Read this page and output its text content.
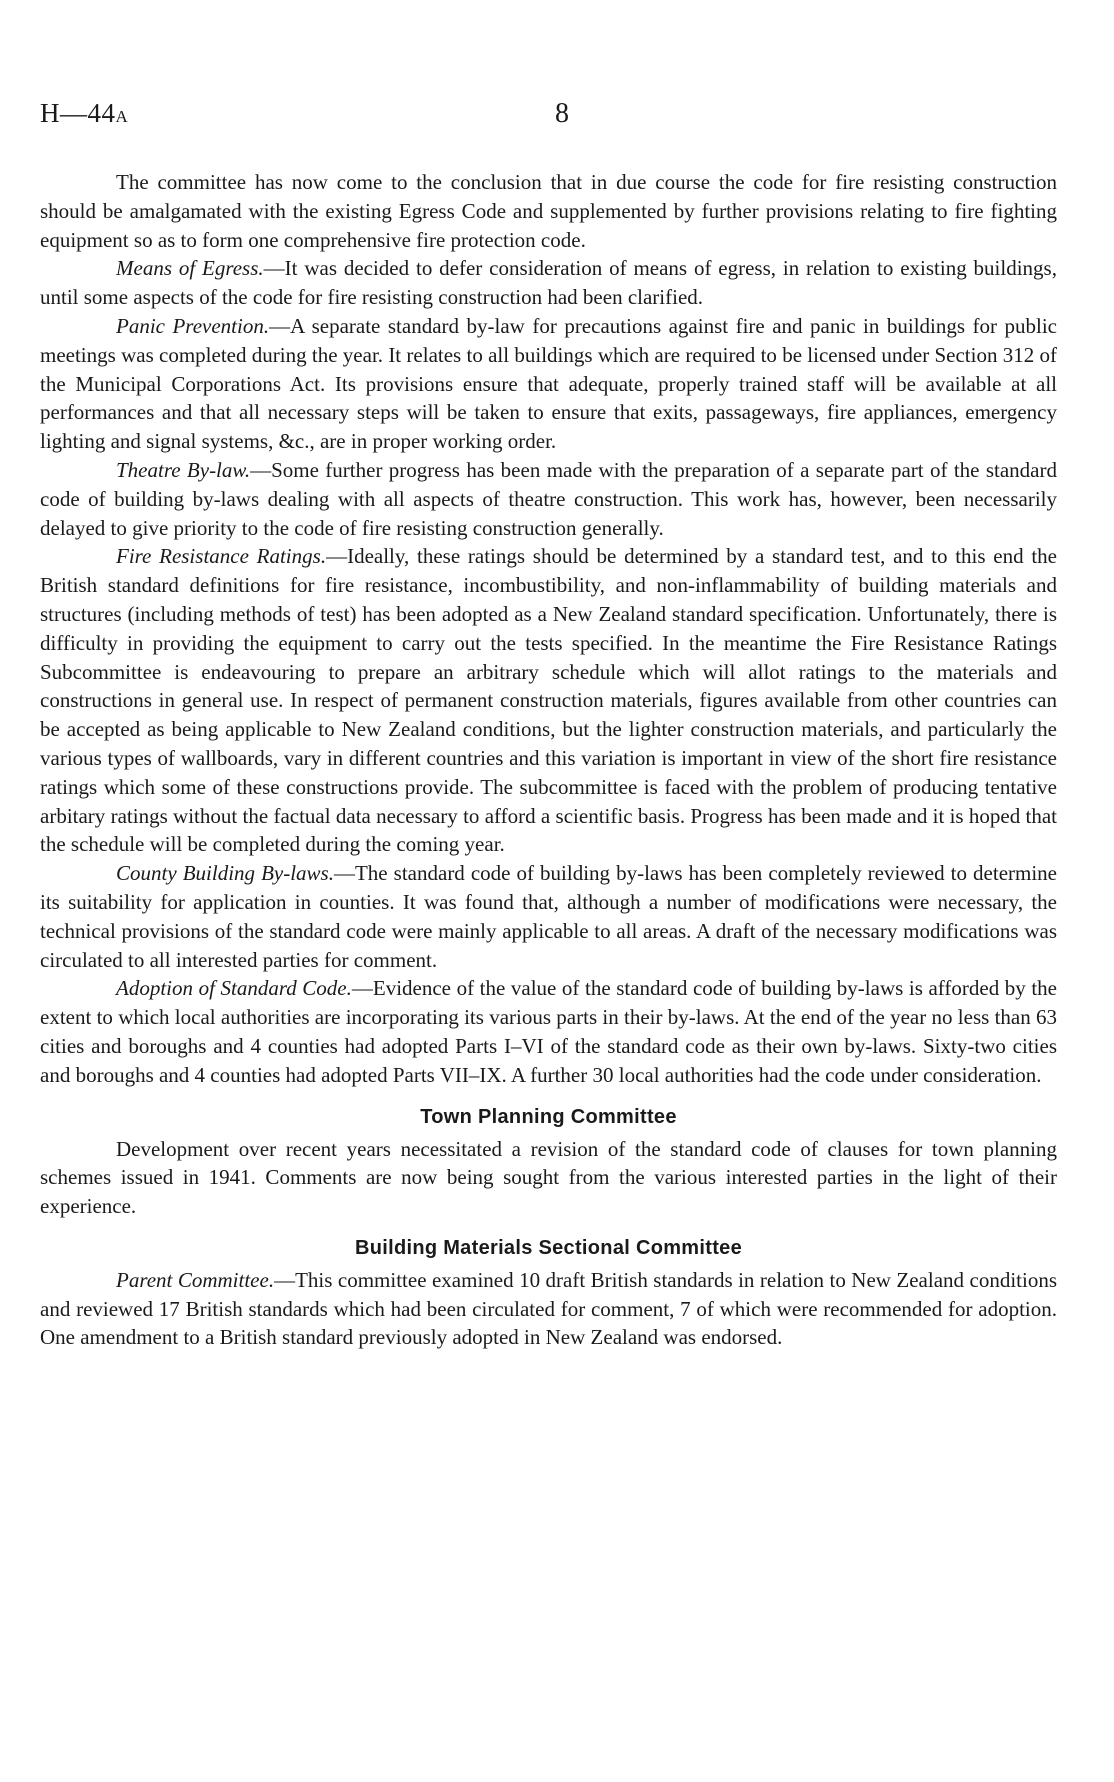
H—44A	8

The committee has now come to the conclusion that in due course the code for fire resisting construction should be amalgamated with the existing Egress Code and supplemented by further provisions relating to fire fighting equipment so as to form one comprehensive fire protection code.

Means of Egress.—It was decided to defer consideration of means of egress, in relation to existing buildings, until some aspects of the code for fire resisting construction had been clarified.

Panic Prevention.—A separate standard by-law for precautions against fire and panic in buildings for public meetings was completed during the year. It relates to all buildings which are required to be licensed under Section 312 of the Municipal Corporations Act. Its provisions ensure that adequate, properly trained staff will be available at all performances and that all necessary steps will be taken to ensure that exits, passageways, fire appliances, emergency lighting and signal systems, &c., are in proper working order.

Theatre By-law.—Some further progress has been made with the preparation of a separate part of the standard code of building by-laws dealing with all aspects of theatre construction. This work has, however, been necessarily delayed to give priority to the code of fire resisting construction generally.

Fire Resistance Ratings.—Ideally, these ratings should be determined by a standard test, and to this end the British standard definitions for fire resistance, incombustibility, and non-inflammability of building materials and structures (including methods of test) has been adopted as a New Zealand standard specification. Unfortunately, there is difficulty in providing the equipment to carry out the tests specified. In the meantime the Fire Resistance Ratings Subcommittee is endeavouring to prepare an arbitrary schedule which will allot ratings to the materials and constructions in general use. In respect of permanent construction materials, figures available from other countries can be accepted as being applicable to New Zealand conditions, but the lighter construction materials, and particularly the various types of wallboards, vary in different countries and this variation is important in view of the short fire resistance ratings which some of these constructions provide. The subcommittee is faced with the problem of producing tentative arbitary ratings without the factual data necessary to afford a scientific basis. Progress has been made and it is hoped that the schedule will be completed during the coming year.

County Building By-laws.—The standard code of building by-laws has been completely reviewed to determine its suitability for application in counties. It was found that, although a number of modifications were necessary, the technical provisions of the standard code were mainly applicable to all areas. A draft of the necessary modifications was circulated to all interested parties for comment.

Adoption of Standard Code.—Evidence of the value of the standard code of building by-laws is afforded by the extent to which local authorities are incorporating its various parts in their by-laws. At the end of the year no less than 63 cities and boroughs and 4 counties had adopted Parts I–VI of the standard code as their own by-laws. Sixty-two cities and boroughs and 4 counties had adopted Parts VII–IX. A further 30 local authorities had the code under consideration.

Town Planning Committee

Development over recent years necessitated a revision of the standard code of clauses for town planning schemes issued in 1941. Comments are now being sought from the various interested parties in the light of their experience.

Building Materials Sectional Committee

Parent Committee.—This committee examined 10 draft British standards in relation to New Zealand conditions and reviewed 17 British standards which had been circulated for comment, 7 of which were recommended for adoption. One amendment to a British standard previously adopted in New Zealand was endorsed.
